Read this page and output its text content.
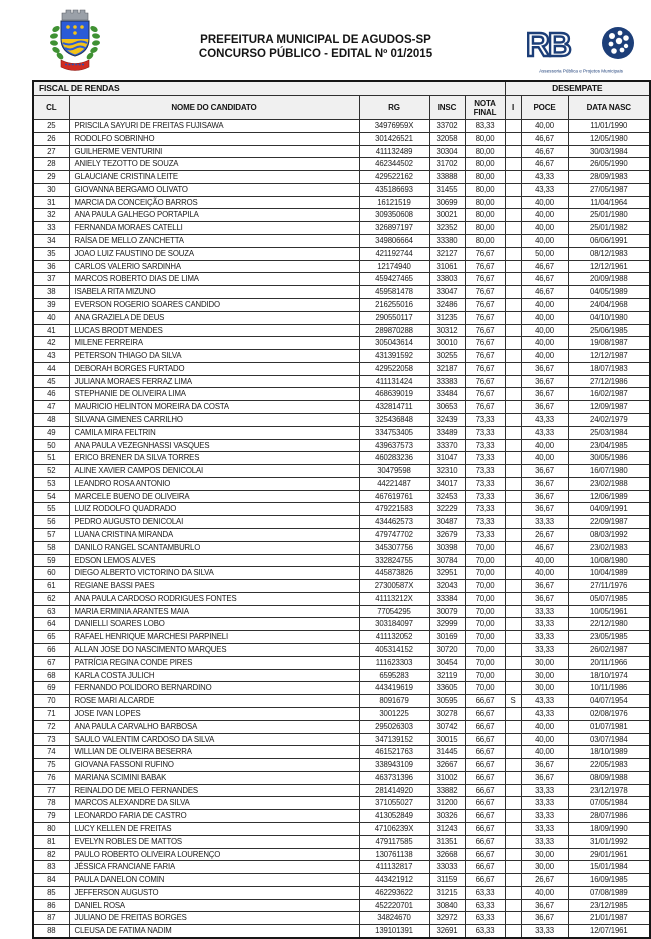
PREFEITURA MUNICIPAL DE AGUDOS-SP
CONCURSO PÚBLICO - EDITAL Nº 01/2015	RB
Assessoria Pública e Projetos Municipais
FISCAL DE RENDAS					DESEMPATE		
CL	NOME DO CANDIDATO	RG	INSC	NOTA FINAL	I	POCE	DATA NASC
25	PRISCILA SAYURI DE FREITAS FUJISAWA	34976959X	33702	83,33		40,00	11/01/1990
26	RODOLFO SOBRINHO	301426521	32058	80,00		46,67	12/05/1980
27	GUILHERME VENTURINI	411132489	30304	80,00		46,67	30/03/1984
28	ANIELY TEZOTTO DE SOUZA	462344502	31702	80,00		46,67	26/05/1990
29	GLAUCIANE CRISTINA LEITE	429522162	33888	80,00		43,33	28/09/1983
30	GIOVANNA BERGAMO OLIVATO	435186693	31455	80,00		43,33	27/05/1987
31	MARCIA DA CONCEIÇÃO BARROS	16121519	30699	80,00		40,00	11/04/1964
32	ANA PAULA GALHEGO PORTAPILA	309350608	30021	80,00		40,00	25/01/1980
33	FERNANDA MORAES CATELLI	326897197	32352	80,00		40,00	25/01/1982
34	RAÍSA DE MELLO ZANCHETTA	349806664	33380	80,00		40,00	06/06/1991
35	JOAO LUIZ FAUSTINO DE SOUZA	421192744	32127	76,67		50,00	08/12/1983
36	CARLOS VALERIO SARDINHA	12174940	31061	76,67		46,67	12/12/1961
37	MARCOS ROBERTO DIAS DE LIMA	459427465	33803	76,67		46,67	20/09/1988
38	ISABELA RITA MIZUNO	459581478	33047	76,67		46,67	04/05/1989
39	EVERSON ROGERIO SOARES CANDIDO	216255016	32486	76,67		40,00	24/04/1968
40	ANA GRAZIELA DE DEUS	290550117	31235	76,67		40,00	04/10/1980
41	LUCAS BRODT MENDES	289870288	30312	76,67		40,00	25/06/1985
42	MILENE FERREIRA	305043614	30010	76,67		40,00	19/08/1987
43	PETERSON THIAGO DA SILVA	431391592	30255	76,67		40,00	12/12/1987
44	DEBORAH BORGES FURTADO	429522058	32187	76,67		36,67	18/07/1983
45	JULIANA MORAES FERRAZ LIMA	411131424	33383	76,67		36,67	27/12/1986
46	STEPHANIE DE OLIVEIRA LIMA	468639019	33484	76,67		36,67	16/02/1987
47	MAURICIO HELINTON MOREIRA DA COSTA	432814711	30653	76,67		36,67	12/09/1987
48	SILVANA GIMENES CARRILHO	325436848	32439	73,33		43,33	24/02/1979
49	CAMILA MIRA FELTRIN	334753405	33489	73,33		43,33	25/03/1984
50	ANA PAULA VEZEGNHASSI VASQUES	439637573	33370	73,33		40,00	23/04/1985
51	ERICO BRENER DA SILVA TORRES	460283236	31047	73,33		40,00	30/05/1986
52	ALINE XAVIER CAMPOS DENICOLAI	30479598	32310	73,33		36,67	16/07/1980
53	LEANDRO ROSA ANTONIO	44221487	34017	73,33		36,67	23/02/1988
54	MARCELE BUENO DE OLIVEIRA	467619761	32453	73,33		36,67	12/06/1989
55	LUIZ RODOLFO QUADRADO	479221583	32229	73,33		36,67	04/09/1991
56	PEDRO AUGUSTO DENICOLAI	434462573	30487	73,33		33,33	22/09/1987
57	LUANA CRISTINA MIRANDA	479747702	32679	73,33		26,67	08/03/1992
58	DANILO RANGEL SCANTAMBURLO	345307756	30398	70,00		46,67	23/02/1983
59	EDSON LEMOS ALVES	332824755	30784	70,00		40,00	10/08/1980
60	DIEGO ALBERTO VICTORINO DA SILVA	445873826	32951	70,00		40,00	10/04/1989
61	REGIANE BASSI PAES	27300587X	32043	70,00		36,67	27/11/1976
62	ANA PAULA CARDOSO RODRIGUES FONTES	41113212X	33384	70,00		36,67	05/07/1985
63	MARIA ERMINIA ARANTES MAIA	77054295	30079	70,00		33,33	10/05/1961
64	DANIELLI SOARES LOBO	303184097	32999	70,00		33,33	22/12/1980
65	RAFAEL HENRIQUE MARCHESI PARPINELI	411132052	30169	70,00		33,33	23/05/1985
66	ALLAN JOSE DO NASCIMENTO MARQUES	405314152	30720	70,00		33,33	26/02/1987
67	PATRÍCIA REGINA CONDE PIRES	111623303	30454	70,00		30,00	20/11/1966
68	KARLA COSTA JULICH	6595283	32119	70,00		30,00	18/10/1974
69	FERNANDO POLIDORO BERNARDINO	443419619	33605	70,00		30,00	10/11/1986
70	ROSE MARI ALCARDE	8091679	30595	66,67	S	43,33	04/07/1954
71	JOSE IVAN LOPES	3001225	30278	66,67		43,33	02/08/1976
72	ANA PAULA CARVALHO BARBOSA	295026303	30742	66,67		40,00	01/07/1981
73	SAULO VALENTIM CARDOSO DA SILVA	347139152	30015	66,67		40,00	03/07/1984
74	WILLIAN DE OLIVEIRA BESERRA	461521763	31445	66,67		40,00	18/10/1989
75	GIOVANA FASSONI RUFINO	338943109	32667	66,67		36,67	22/05/1983
76	MARIANA SCIMINI BABAK	463731396	31002	66,67		36,67	08/09/1988
77	REINALDO DE MELO FERNANDES	281414920	33882	66,67		33,33	23/12/1978
78	MARCOS ALEXANDRE DA SILVA	371055027	31200	66,67		33,33	07/05/1984
79	LEONARDO FARIA DE CASTRO	413052849	30326	66,67		33,33	28/07/1986
80	LUCY KELLEN DE FREITAS	47106239X	31243	66,67		33,33	18/09/1990
81	EVELYN ROBLES DE MATTOS	479117585	31351	66,67		33,33	31/01/1992
82	PAULO ROBERTO OLIVEIRA LOURENÇO	130761138	32668	66,67		30,00	29/01/1961
83	JÉSSICA FRANCIANE FARIA	411132817	33033	66,67		30,00	15/01/1984
84	PAULA DANELON COMIN	443421912	31159	66,67		26,67	16/09/1985
85	JEFFERSON AUGUSTO	462293622	31215	63,33		40,00	07/08/1989
86	DANIEL ROSA	452220701	30840	63,33		36,67	23/12/1985
87	JULIANO DE FREITAS BORGES	34824670	32972	63,33		36,67	21/01/1987
88	CLEUSA DE FATIMA NADIM	139101391	32691	63,33		33,33	12/07/1961
